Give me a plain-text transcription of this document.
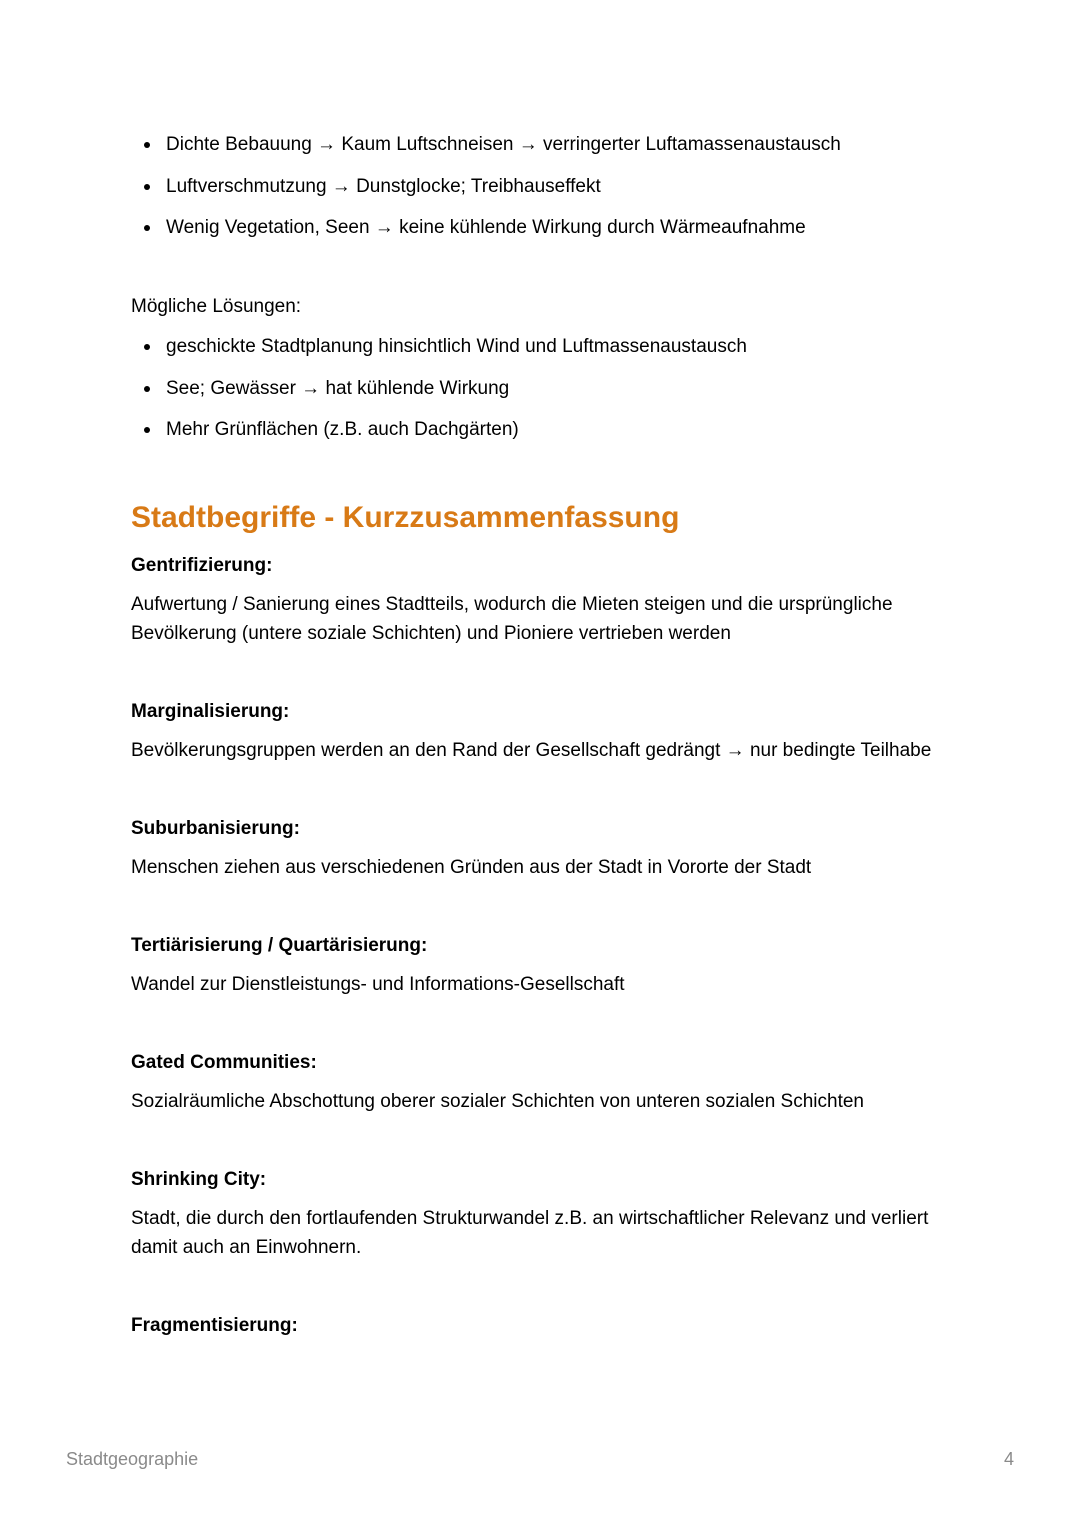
Dichte Bebauung → Kaum Luftschneisen → verringerter Luftamassenaustausch
Luftverschmutzung → Dunstglocke; Treibhauseffekt
Wenig Vegetation, Seen → keine kühlende Wirkung durch Wärmeaufnahme

Mögliche Lösungen:

geschickte Stadtplanung hinsichtlich Wind und Luftmassenaustausch
See; Gewässer → hat kühlende Wirkung
Mehr Grünflächen (z.B. auch Dachgärten)
Stadtbegriffe - Kurzzusammenfassung

Gentrifizierung:

Aufwertung / Sanierung eines Stadtteils, wodurch die Mieten steigen und die ursprüngliche Bevölkerung (untere soziale Schichten) und Pioniere vertrieben werden

Marginalisierung:

Bevölkerungsgruppen werden an den Rand der Gesellschaft gedrängt → nur bedingte Teilhabe

Suburbanisierung:

Menschen ziehen aus verschiedenen Gründen aus der Stadt in Vororte der Stadt

Tertiärisierung / Quartärisierung:

Wandel zur Dienstleistungs- und Informations-Gesellschaft

Gated Communities:

Sozialräumliche Abschottung oberer sozialer Schichten von unteren sozialen Schichten

Shrinking City:

Stadt, die durch den fortlaufenden Strukturwandel z.B. an wirtschaftlicher Relevanz und verliert damit auch an Einwohnern.

Fragmentisierung:

Stadtgeographie	4
